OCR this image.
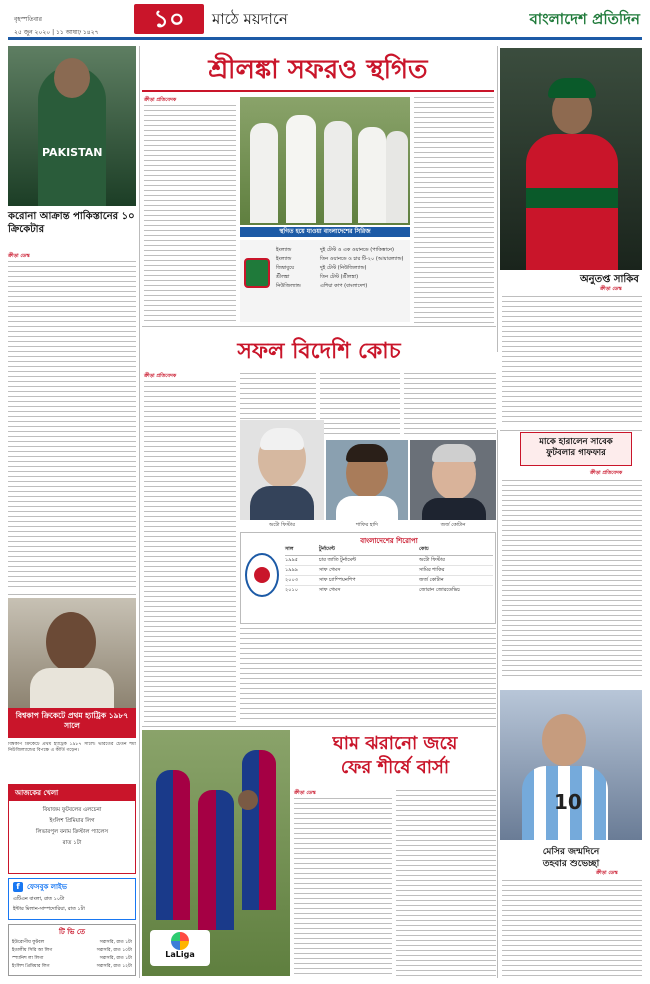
বৃহস্পতিবার
২৫ জুন ২০২০ | ১১ আষাঢ় ১৪২৭	১০	মাঠে ময়দানে	বাংলাদেশ প্রতিদিন
PAKISTAN
করোনা আক্রান্ত পাকিস্তানের ১০ ক্রিকেটার
ক্রীড়া ডেস্ক
বিশ্বকাপ ক্রিকেটে প্রথম হ্যাট্রিক ১৯৮৭ সালে
বিশ্বকাপ ক্রিকেটে প্রথম হ্যাট্রিক ১৯৮৭ সালে। ভারতের চেতন শর্মা নিউজিল্যান্ডের বিপক্ষে এ কীর্তি গড়েন।
আজকের খেলা
বিয়াজম ফুটবলের এলচেনা
ইংলিশ প্রিমিয়ার লিগ
লিভারপুল বনাম ক্রিস্টাল প্যালেস
রাত ১টা
f	ফেসবুক লাইভ
এটিএন বাংলা, রাত ১০টা
ইন্টার মিলান-সাম্পদোরিয়া, রাত ১টা
টি ভি তে
ইউরোপীয় ফুটবল	সরাসরি, রাত ১টা
ইতালীয় সিরি আ লিগ	সরাসরি, রাত ১০টা
স্প্যানিশ লা লিগা	সরাসরি, রাত ১টা
ইংলিশ প্রিমিয়ার লিগ	সরাসরি, রাত ১২টা
শ্রীলঙ্কা সফরও স্থগিত
ক্রীড়া প্রতিবেদক
স্থগিত হয়ে যাওয়া বাংলাদেশের সিরিজ
ইংল্যান্ড	দুই টেস্ট ও এক ওয়ানডে (পাকিস্তানে)
ইংল্যান্ড	তিন ওয়ানডে ও চার টি-২০ (আয়ারল্যান্ড)
জিম্বাবুয়ে	দুই টেস্ট (নিউজিল্যান্ড)
শ্রীলঙ্কা	তিন টেস্ট (শ্রীলঙ্কা)
নিউজিল্যান্ড	এশিয়া কাপ (বাংলাদেশ)
অনুতপ্ত সাকিব
ক্রীড়া ডেস্ক
সফল বিদেশি কোচ
ক্রীড়া প্রতিবেদক
অটো ফিস্টার	শাফির হাদি	জর্জ কোটান
বাংলাদেশের শিরোপা
সাল	টুর্নামেন্ট	কোচ
১৯৯৫	চার জাতি টুর্নামেন্ট	অটো ফিস্টার
১৯৯৯	সাফ গেমস	সামির শাকির
২০০৩	সাফ চ্যাম্পিয়নশিপ	জর্জ কোটান
২০১০	সাফ গেমস	জোরান জোরডেভিচ
মাকে হারালেন সাবেক ফুটবলার গাফফার
ক্রীড়া প্রতিবেদক
LaLiga
ঘাম ঝরানো জয়ে
ফের শীর্ষে বার্সা
ক্রীড়া ডেস্ক	10
মেসির জন্মদিনে
তহবার শুভেচ্ছা
ক্রীড়া ডেস্ক
